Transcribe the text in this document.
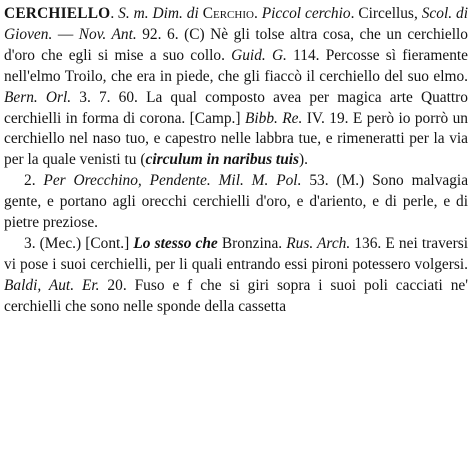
CERCHIELLO. S. m. Dim. di Cerchio. Piccol cerchio. Circellus, Scol. di Gioven. — Nov. Ant. 92. 6. (C) Nè gli tolse altra cosa, che un cerchiello d'oro che egli si mise a suo collo. Guid. G. 114. Percosse sì fieramente nell'elmo Troilo, che era in piede, che gli fiaccò il cerchiello del suo elmo. Bern. Orl. 3. 7. 60. La qual composto avea per magica arte Quattro cerchielli in forma di corona. [Camp.] Bibb. Re. IV. 19. E però io porrò un cerchiello nel naso tuo, e capestro nelle labbra tue, e rimeneratti per la via per la quale venisti tu (circulum in naribus tuis).

2. Per Orecchino, Pendente. Mil. M. Pol. 53. (M.) Sono malvagia gente, e portano agli orecchi cerchielli d'oro, e d'ariento, e di perle, e di pietre preziose.

3. (Mec.) [Cont.] Lo stesso che Bronzina. Rus. Arch. 136. E nei traversi vi pose i suoi cerchielli, per li quali entrando essi pironi potessero volgersi. Baldi, Aut. Er. 20. Fuso e f che si giri sopra i suoi poli cacciati ne' cerchielli che sono nelle sponde della cassetta
